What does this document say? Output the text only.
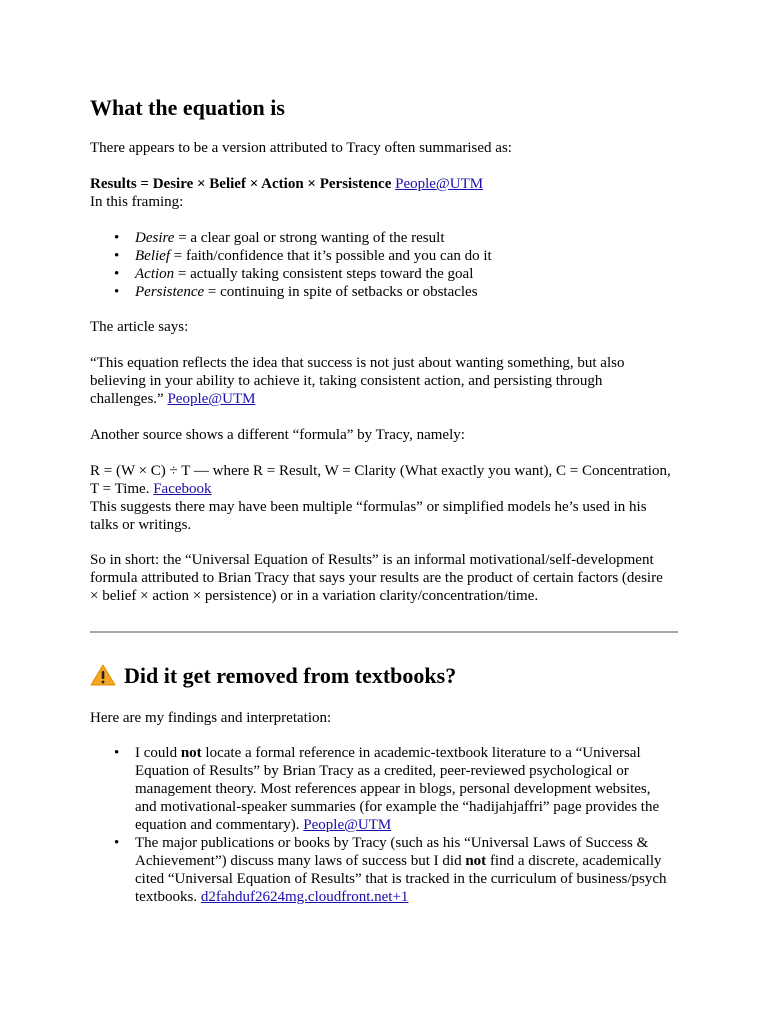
What the equation is

There appears to be a version attributed to Tracy often summarised as:

Results = Desire × Belief × Action × Persistence People@UTM
In this framing:
• Desire = a clear goal or strong wanting of the result
• Belief = faith/confidence that it’s possible and you can do it
• Action = actually taking consistent steps toward the goal
• Persistence = continuing in spite of setbacks or obstacles

The article says:

“This equation reflects the idea that success is not just about wanting something, but also believing in your ability to achieve it, taking consistent action, and persisting through challenges.” People@UTM

Another source shows a different “formula” by Tracy, namely:

R = (W × C) ÷ T — where R = Result, W = Clarity (What exactly you want), C = Concentration, T = Time. Facebook
This suggests there may have been multiple “formulas” or simplified models he’s used in his talks or writings.

So in short: the “Universal Equation of Results” is an informal motivational/self-development formula attributed to Brian Tracy that says your results are the product of certain factors (desire × belief × action × persistence) or in a variation clarity/concentration/time.

Did it get removed from textbooks?

Here are my findings and interpretation:

• I could not locate a formal reference in academic-textbook literature to a “Universal Equation of Results” by Brian Tracy as a credited, peer-reviewed psychological or management theory. Most references appear in blogs, personal development websites, and motivational-speaker summaries (for example the “hadijahjaffri” page provides the equation and commentary). People@UTM
• The major publications or books by Tracy (such as his “Universal Laws of Success & Achievement”) discuss many laws of success but I did not find a discrete, academically cited “Universal Equation of Results” that is tracked in the curriculum of business/psych textbooks. d2fahduf2624mg.cloudfront.net+1
